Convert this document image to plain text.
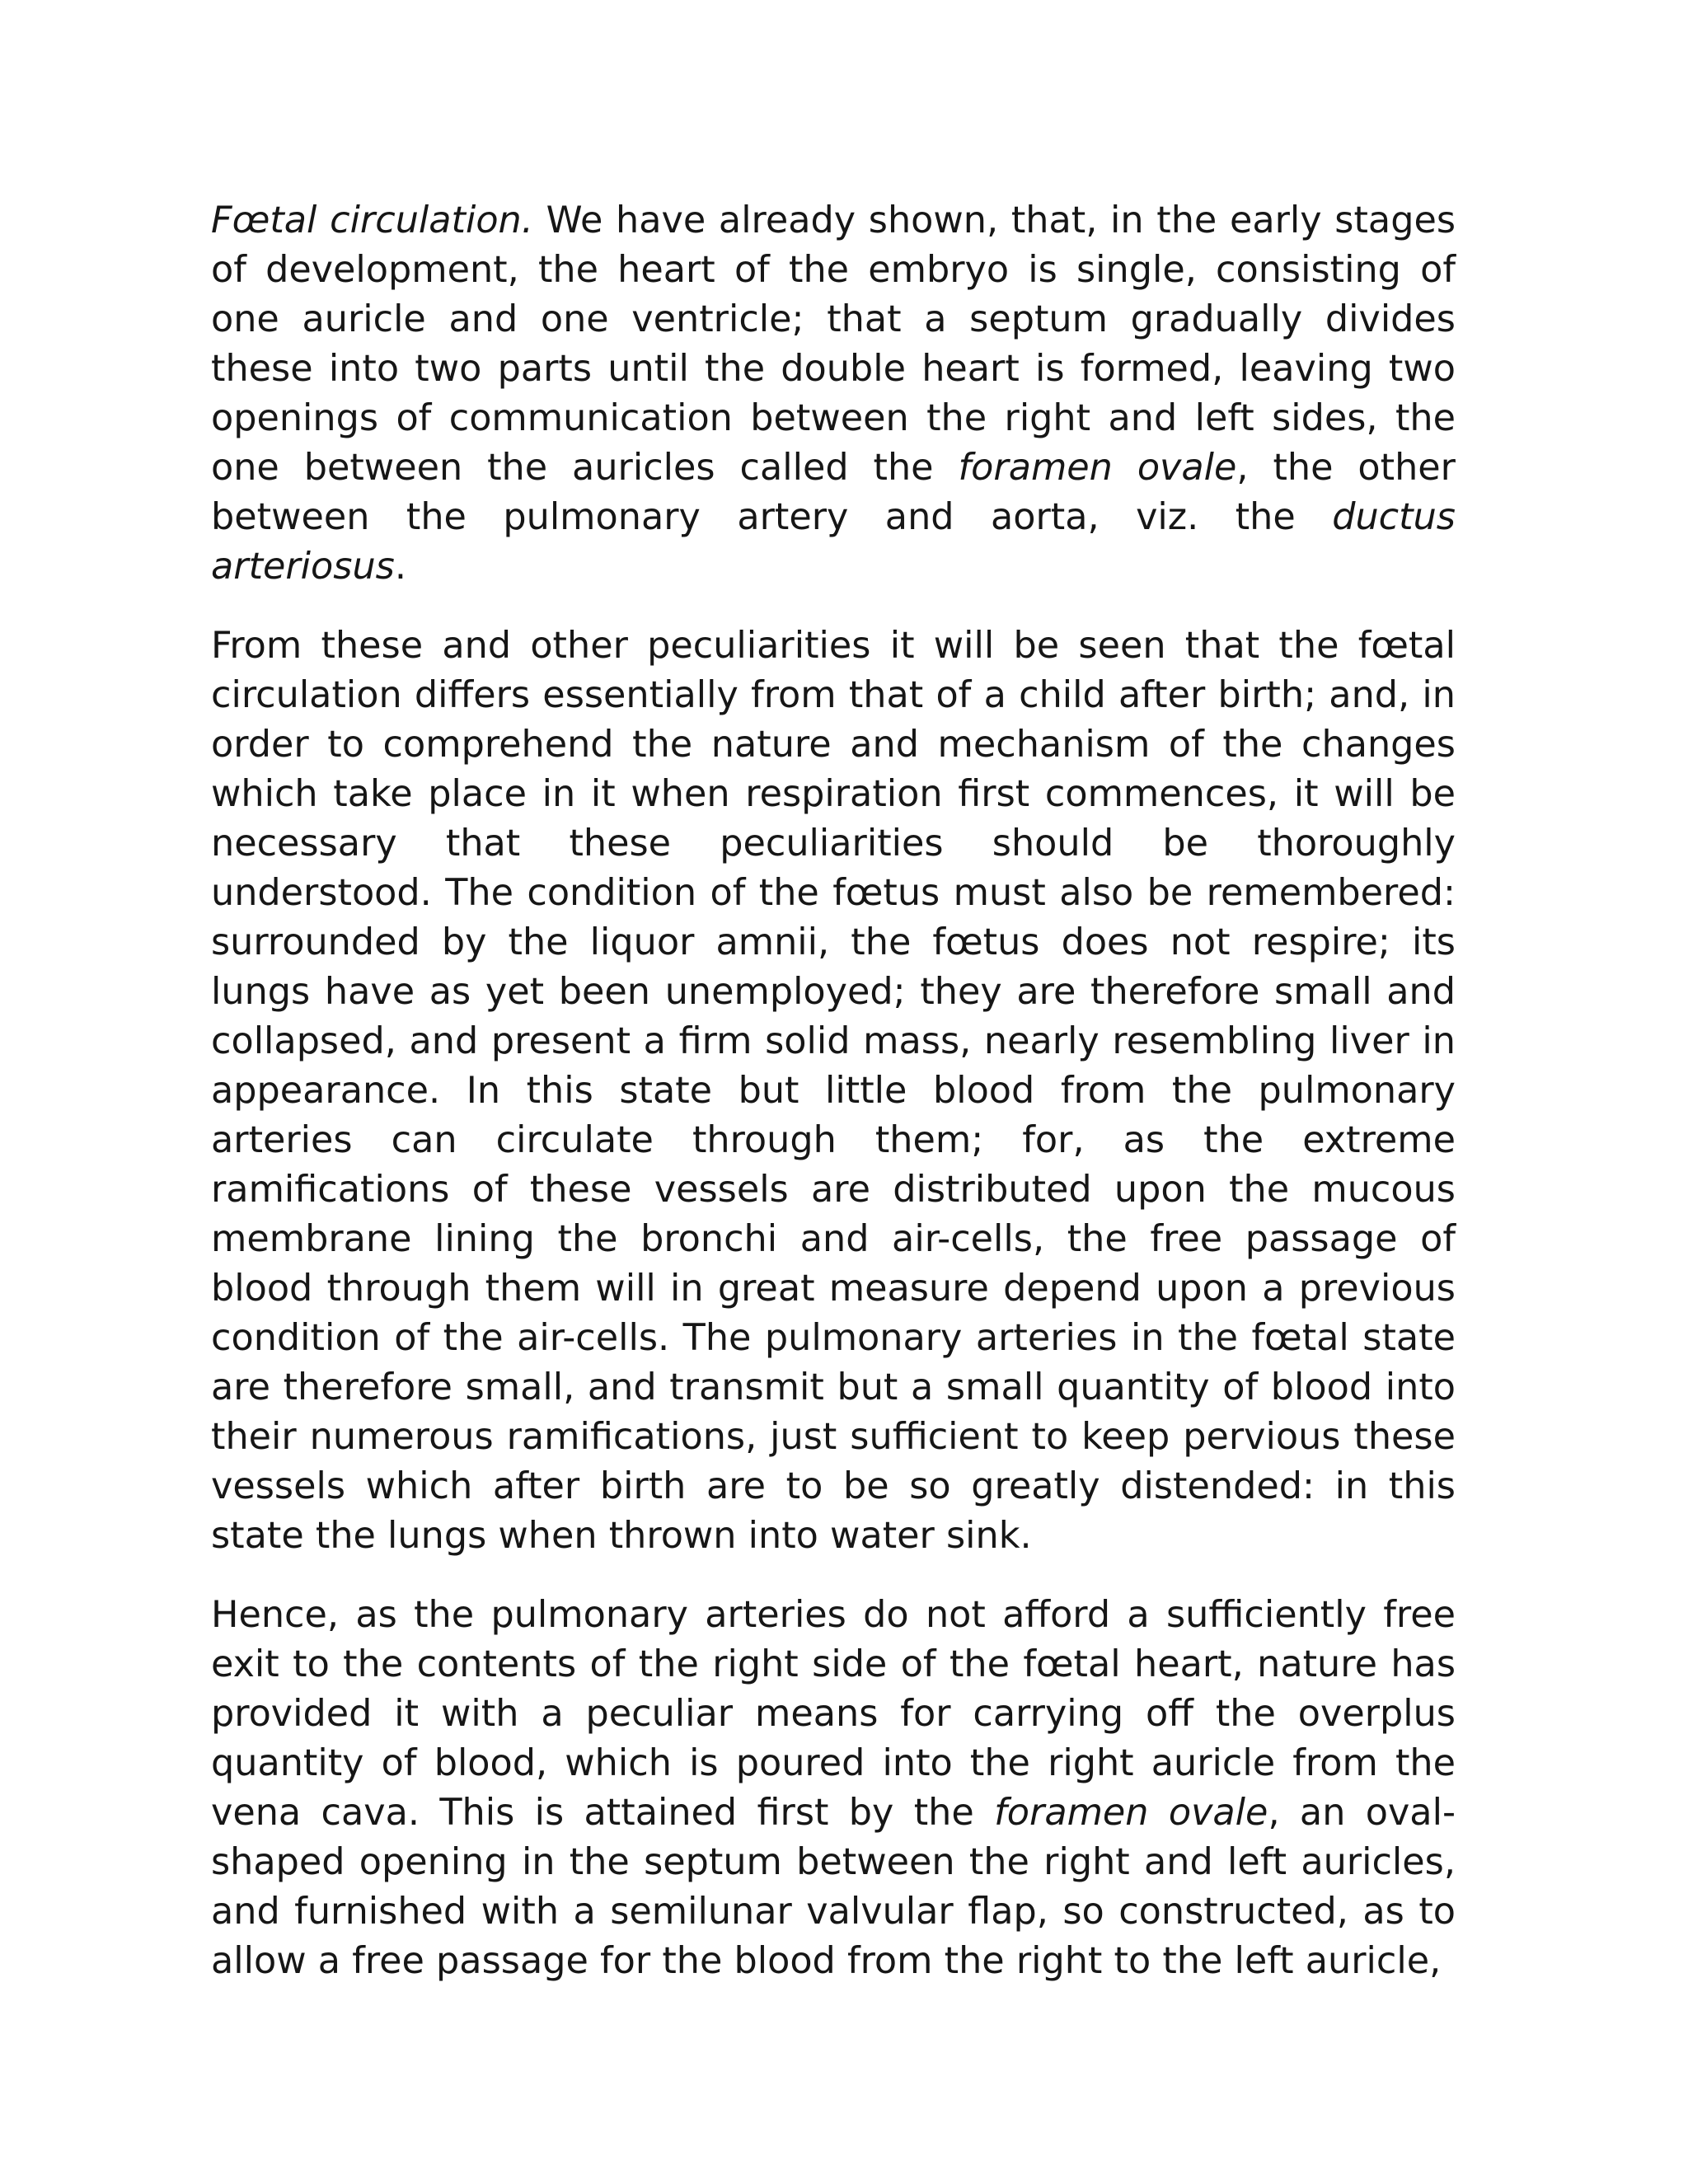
Fœtal circulation. We have already shown, that, in the early stages of development, the heart of the embryo is single, consisting of one auricle and one ventricle; that a septum gradually divides these into two parts until the double heart is formed, leaving two openings of communication between the right and left sides, the one between the auricles called the foramen ovale, the other between the pulmonary artery and aorta, viz. the ductus arteriosus.

From these and other peculiarities it will be seen that the fœtal circulation differs essentially from that of a child after birth; and, in order to comprehend the nature and mechanism of the changes which take place in it when respiration first commences, it will be necessary that these peculiarities should be thoroughly understood. The condition of the fœtus must also be remembered: surrounded by the liquor amnii, the fœtus does not respire; its lungs have as yet been unemployed; they are therefore small and collapsed, and present a firm solid mass, nearly resembling liver in appearance. In this state but little blood from the pulmonary arteries can circulate through them; for, as the extreme ramifications of these vessels are distributed upon the mucous membrane lining the bronchi and air-cells, the free passage of blood through them will in great measure depend upon a previous condition of the air-cells. The pulmonary arteries in the fœtal state are therefore small, and transmit but a small quantity of blood into their numerous ramifications, just sufficient to keep pervious these vessels which after birth are to be so greatly distended: in this state the lungs when thrown into water sink.

Hence, as the pulmonary arteries do not afford a sufficiently free exit to the contents of the right side of the fœtal heart, nature has provided it with a peculiar means for carrying off the overplus quantity of blood, which is poured into the right auricle from the vena cava. This is attained first by the foramen ovale, an oval-shaped opening in the septum between the right and left auricles, and furnished with a semilunar valvular flap, so constructed, as to allow a free passage for the blood from the right to the left auricle,
